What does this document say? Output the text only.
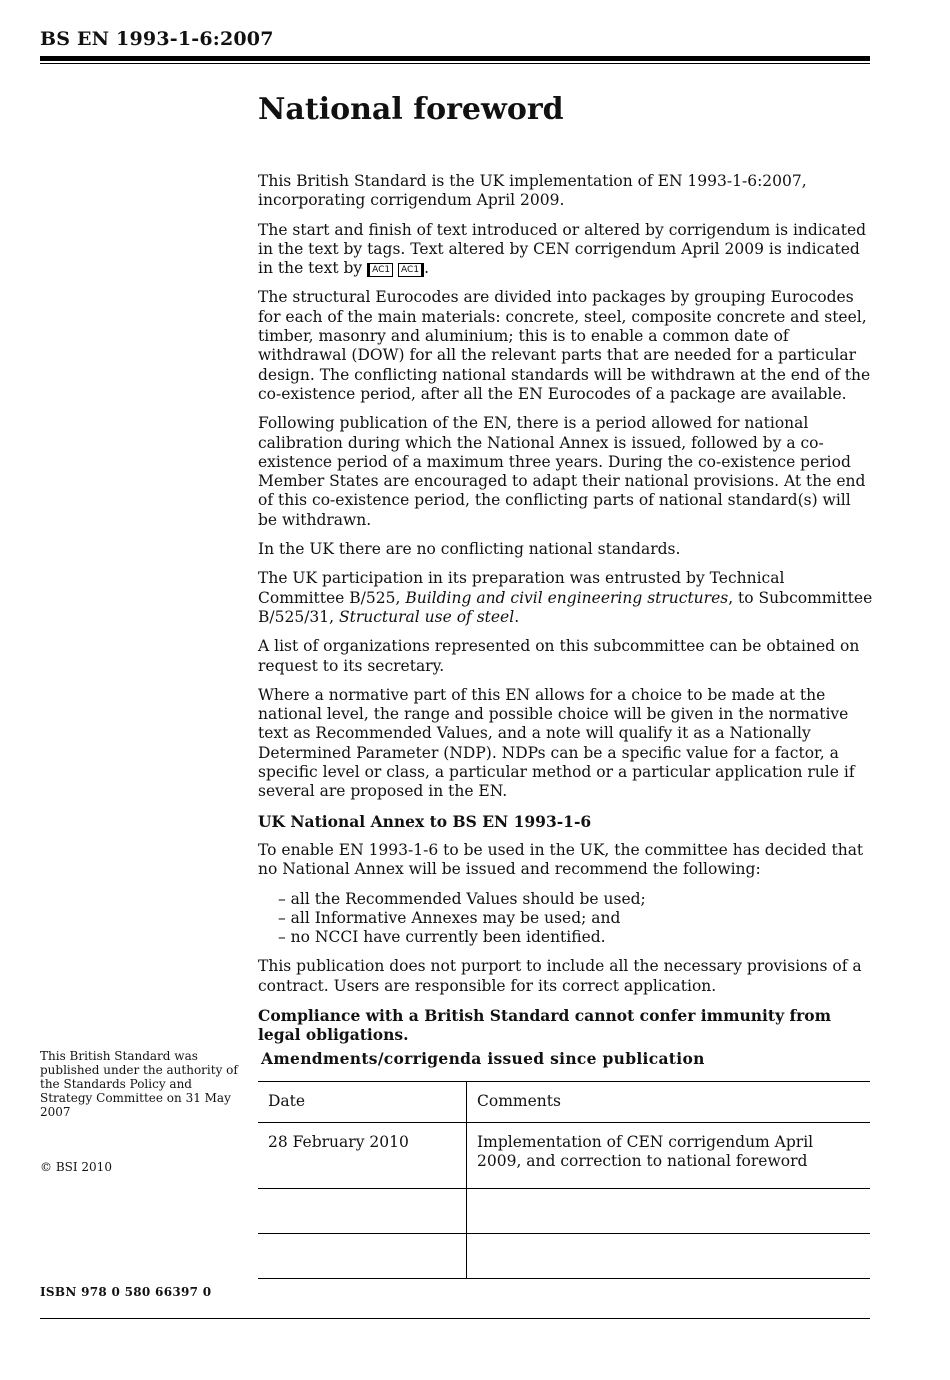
BS EN 1993-1-6:2007
National foreword

This British Standard is the UK implementation of EN 1993-1-6:2007, incorporating corrigendum April 2009.

The start and finish of text introduced or altered by corrigendum is indicated in the text by tags. Text altered by CEN corrigendum April 2009 is indicated in the text by AC1 AC1 .

The structural Eurocodes are divided into packages by grouping Eurocodes for each of the main materials: concrete, steel, composite concrete and steel, timber, masonry and aluminium; this is to enable a common date of withdrawal (DOW) for all the relevant parts that are needed for a particular design. The conflicting national standards will be withdrawn at the end of the co-existence period, after all the EN Eurocodes of a package are available.

Following publication of the EN, there is a period allowed for national calibration during which the National Annex is issued, followed by a co-existence period of a maximum three years. During the co-existence period Member States are encouraged to adapt their national provisions. At the end of this co-existence period, the conflicting parts of national standard(s) will be withdrawn.

In the UK there are no conflicting national standards.

The UK participation in its preparation was entrusted by Technical Committee B/525, Building and civil engineering structures, to Subcommittee B/525/31, Structural use of steel.

A list of organizations represented on this subcommittee can be obtained on request to its secretary.

Where a normative part of this EN allows for a choice to be made at the national level, the range and possible choice will be given in the normative text as Recommended Values, and a note will qualify it as a Nationally Determined Parameter (NDP). NDPs can be a specific value for a factor, a specific level or class, a particular method or a particular application rule if several are proposed in the EN.

UK National Annex to BS EN 1993-1-6

To enable EN 1993-1-6 to be used in the UK, the committee has decided that no National Annex will be issued and recommend the following:

– all the Recommended Values should be used;
– all Informative Annexes may be used; and
– no NCCI have currently been identified.

This publication does not purport to include all the necessary provisions of a contract. Users are responsible for its correct application.

Compliance with a British Standard cannot confer immunity from legal obligations.

This British Standard was published under the authority of the Standards Policy and Strategy Committee on 31 May 2007
© BSI 2010
ISBN 978 0 580 66397 0
Amendments/corrigenda issued since publication
Date	Comments
28 February 2010	Implementation of CEN corrigendum April 2009, and correction to national foreword
